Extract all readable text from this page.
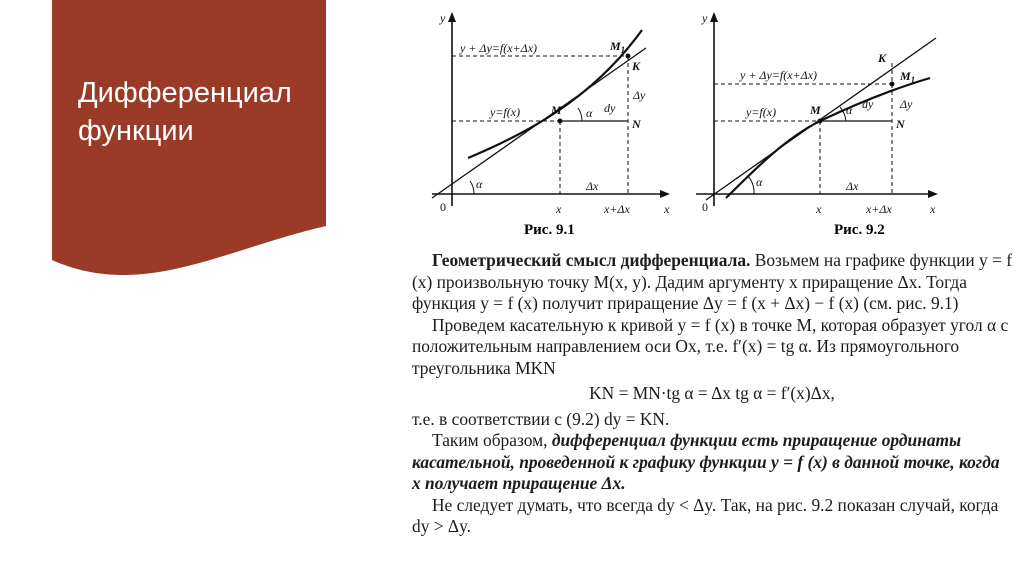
Дифференциал
функции
y
x
0
y + Δy=f(x+Δx)
y=f(x)	M
$M_1$
K
N
dy
Δy
α
α
x	x+Δx
Δx
Рис. 9.1
y
x
0
y + Δy=f(x+Δx)
y=f(x)	M
$M_1$
K
N
dy Δy
α
α
x	x+Δx
Δx
Рис. 9.2

Геометрический смысл дифференциала. Возьмем на графике функции y = f (x) произвольную точку M(x, y). Дадим аргументу x приращение Δx. Тогда функция y = f (x) получит приращение Δy = f (x + Δx) − f (x) (см. рис. 9.1)

Проведем касательную к кривой y = f (x) в точке M, которая образует угол α с положительным направлением оси Ox, т.е. f′(x) = tg α. Из прямоугольного треугольника MKN

KN = MN·tg α = Δx tg α = f′(x)Δx,

т.е. в соответствии с (9.2) dy = KN.

Таким образом, дифференциал функции есть приращение ординаты касательной, проведенной к графику функции y = f (x) в данной точке, когда x получает приращение Δx.

Не следует думать, что всегда dy < Δy. Так, на рис. 9.2 показан случай, когда dy > Δy.
